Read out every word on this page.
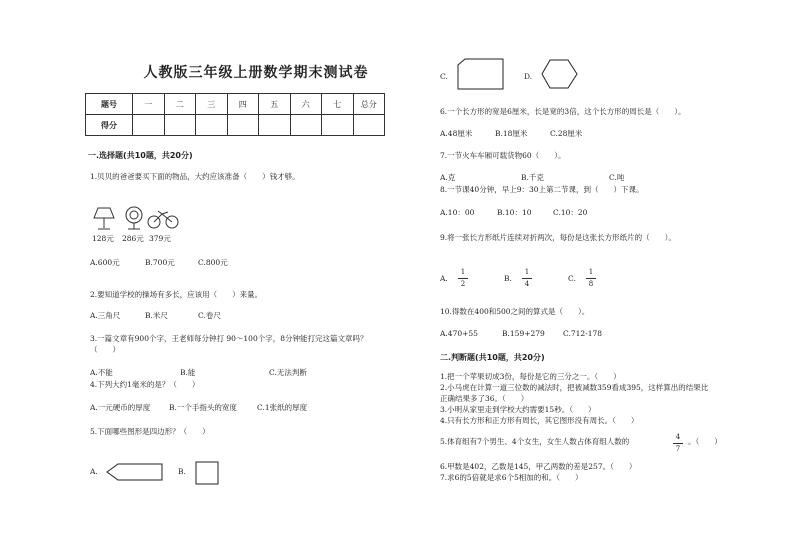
人教版三年级上册数学期末测试卷
题号	一	二	三	四	五	六	七	总分
得分								
一.选择题(共10题，共20分)
1.贝贝的爸爸要买下面的物品，大约应该准备（　　）钱才够。
128元 286元 379元
A.600元	B.700元	C.800元
2.要知道学校的操场有多长，应该用（　　）来量。
A.三角尺	B.米尺	C.卷尺
3.一篇文章有900个字，王老师每分钟打 90～100个字，8分钟能打完这篇文章吗？
（　　）
A.不能	B.能	C.无法判断
4.下列大约1毫米的是？（　　）
A.一元硬币的厚度 B.一个手指头的宽度	C.1张纸的厚度
5.下面哪些图形是四边形？（　　）
A.	B.
C.	D.
6.一个长方形的宽是6厘米，长是宽的3倍，这个长方形的周长是（　　）。
A.48厘米	B.18厘米	C.28厘米
7.一节火车车厢可载货物60（　　）。
A.克	B.千克	C.吨
8.一节课40分钟，早上9：30上第二节课，到（　　）下课。
A.10：00	B.10：10	C.10：20
9.将一张长方形纸片连续对折两次，每份是这张长方形纸片的（　　）。
A.
1
2
B.
1
4
C.
1
8
10.得数在400和500之间的算式是（　　）。
A.470+55	B.159+279 C.712-178
二.判断题(共10题，共20分)
1.把一个苹果切成3份，每份是它的三分之一。（　　）
2.小马虎在计算一道三位数的减法时，把被减数359看成395，这样算出的结果比
正确结果多了36。（　　）
3.小明从家里走到学校大约需要15秒。（　　）
4.只有长方形和正方形有周长，其它图形没有周长。（　　）
5.体育组有7个男生、4个女生，女生人数占体育组人数的	4
7
。（　　）
6.甲数是402，乙数是145，甲乙两数的差是257。（　　）
7.求6的5倍就是求6个5相加的和。（　　）
